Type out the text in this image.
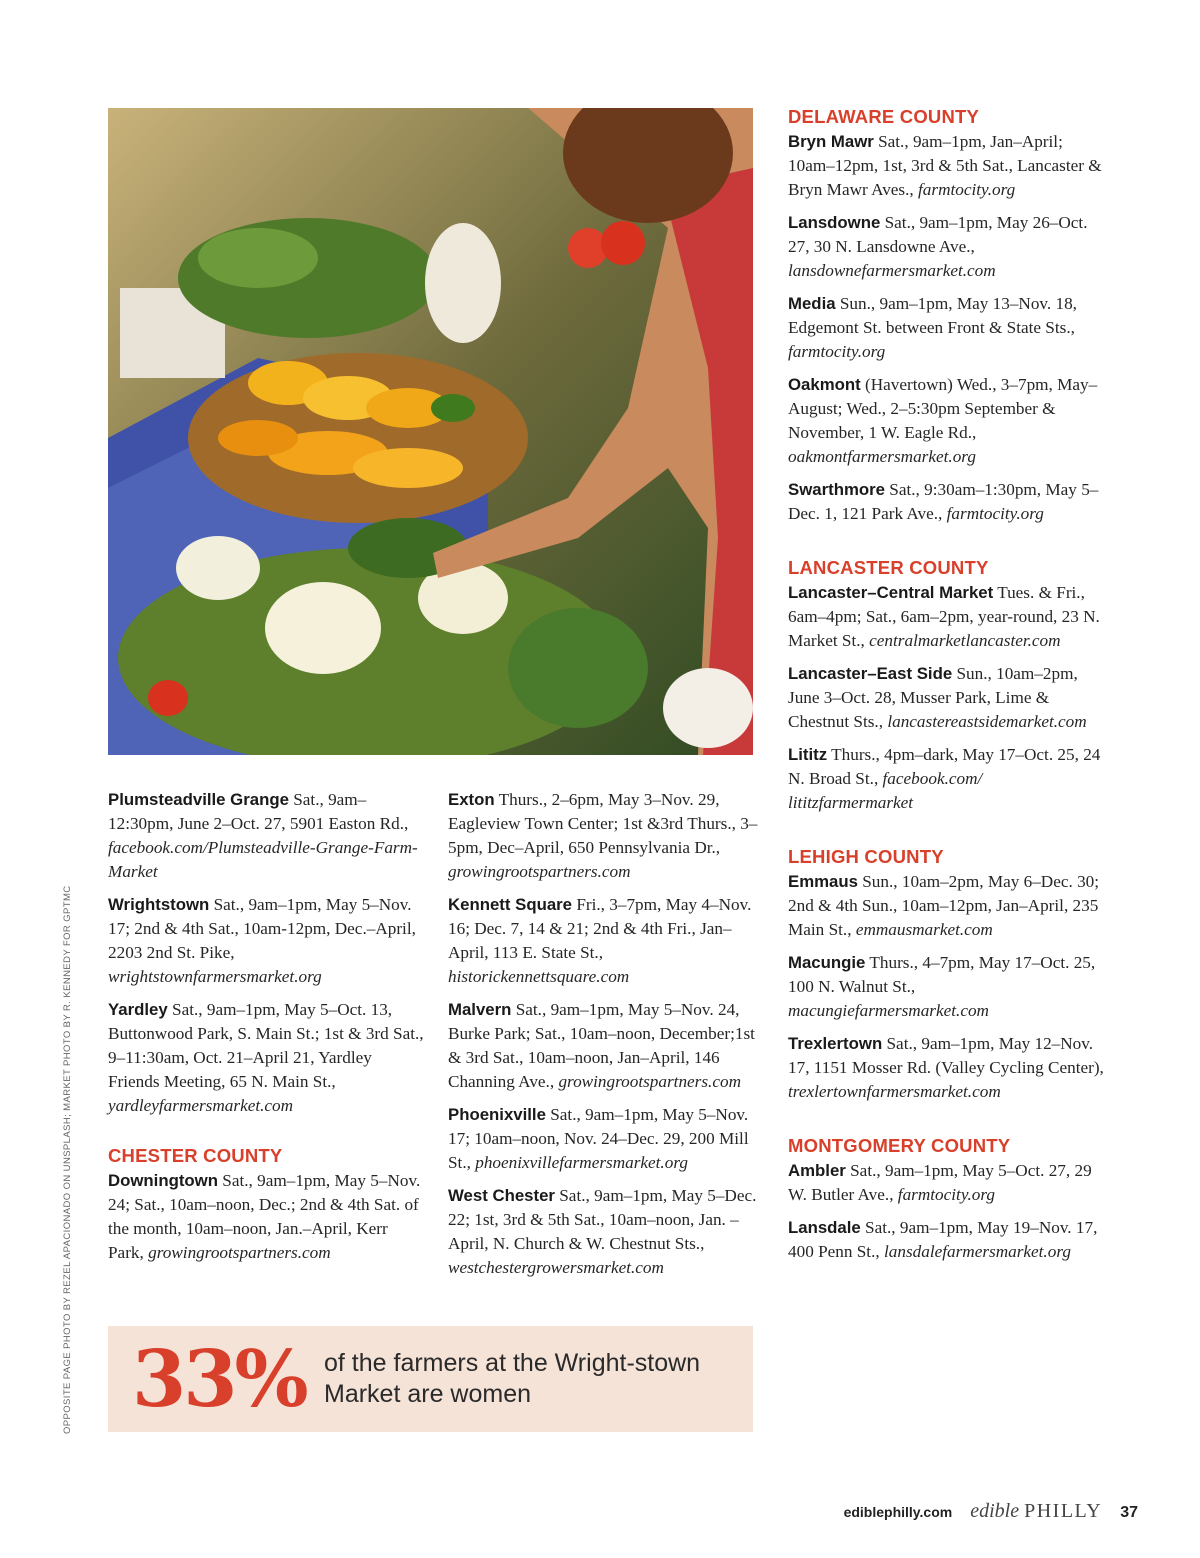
OPPOSITE PAGE PHOTO BY REZEL APACIONADO ON UNSPLASH; MARKET PHOTO BY R. KENNEDY FOR GPTMC

Plumsteadville Grange Sat., 9am–12:30pm, June 2–Oct. 27, 5901 Easton Rd., facebook.com/Plumsteadville-Grange-Farm-Market

Wrightstown Sat., 9am–1pm, May 5–Nov. 17; 2nd & 4th Sat., 10am-12pm, Dec.–April, 2203 2nd St. Pike, wrightstownfarmersmarket.org

Yardley Sat., 9am–1pm, May 5–Oct. 13, Buttonwood Park, S. Main St.; 1st & 3rd Sat., 9–11:30am, Oct. 21–April 21, Yardley Friends Meeting, 65 N. Main St., yardleyfarmersmarket.com

CHESTER COUNTY

Downingtown Sat., 9am–1pm, May 5–Nov. 24; Sat., 10am–noon, Dec.; 2nd & 4th Sat. of the month, 10am–noon, Jan.–April, Kerr Park, growingrootspartners.com

Exton Thurs., 2–6pm, May 3–Nov. 29, Eagleview Town Center; 1st &3rd Thurs., 3–5pm, Dec–April, 650 Pennsylvania Dr., growingrootspartners.com

Kennett Square Fri., 3–7pm, May 4–Nov. 16; Dec. 7, 14 & 21; 2nd & 4th Fri., Jan–April, 113 E. State St., historickennettsquare.com

Malvern Sat., 9am–1pm, May 5–Nov. 24, Burke Park; Sat., 10am–noon, December;1st & 3rd Sat., 10am–noon, Jan–April, 146 Channing Ave., growingrootspartners.com

Phoenixville Sat., 9am–1pm, May 5–Nov. 17; 10am–noon, Nov. 24–Dec. 29, 200 Mill St., phoenixvillefarmersmarket.org

West Chester Sat., 9am–1pm, May 5–Dec. 22; 1st, 3rd & 5th Sat., 10am–noon, Jan. –April, N. Church & W. Chestnut Sts., westchestergrowersmarket.com

DELAWARE COUNTY

Bryn Mawr Sat., 9am–1pm, Jan–April; 10am–12pm, 1st, 3rd & 5th Sat., Lancaster & Bryn Mawr Aves., farmtocity.org

Lansdowne Sat., 9am–1pm, May 26–Oct. 27, 30 N. Lansdowne Ave., lansdownefarmersmarket.com

Media Sun., 9am–1pm, May 13–Nov. 18, Edgemont St. between Front & State Sts., farmtocity.org

Oakmont (Havertown) Wed., 3–7pm, May–August; Wed., 2–5:30pm September & November, 1 W. Eagle Rd., oakmontfarmersmarket.org

Swarthmore Sat., 9:30am–1:30pm, May 5–Dec. 1, 121 Park Ave., farmtocity.org

LANCASTER COUNTY

Lancaster–Central Market Tues. & Fri., 6am–4pm; Sat., 6am–2pm, year-round, 23 N. Market St., centralmarketlancaster.com

Lancaster–East Side Sun., 10am–2pm, June 3–Oct. 28, Musser Park, Lime & Chestnut Sts., lancastereastsidemarket.com

Lititz Thurs., 4pm–dark, May 17–Oct. 25, 24 N. Broad St., facebook.com/ lititzfarmermarket

LEHIGH COUNTY

Emmaus Sun., 10am–2pm, May 6–Dec. 30; 2nd & 4th Sun., 10am–12pm, Jan–April, 235 Main St., emmausmarket.com

Macungie Thurs., 4–7pm, May 17–Oct. 25, 100 N. Walnut St., macungiefarmersmarket.com

Trexlertown Sat., 9am–1pm, May 12–Nov. 17, 1151 Mosser Rd. (Valley Cycling Center), trexlertownfarmersmarket.com

MONTGOMERY COUNTY

Ambler Sat., 9am–1pm, May 5–Oct. 27, 29 W. Butler Ave., farmtocity.org

Lansdale Sat., 9am–1pm, May 19–Nov. 17, 400 Penn St., lansdalefarmersmarket.org

33% of the farmers at the Wright-stown Market are women
ediblephilly.com edible PHILLY 37
